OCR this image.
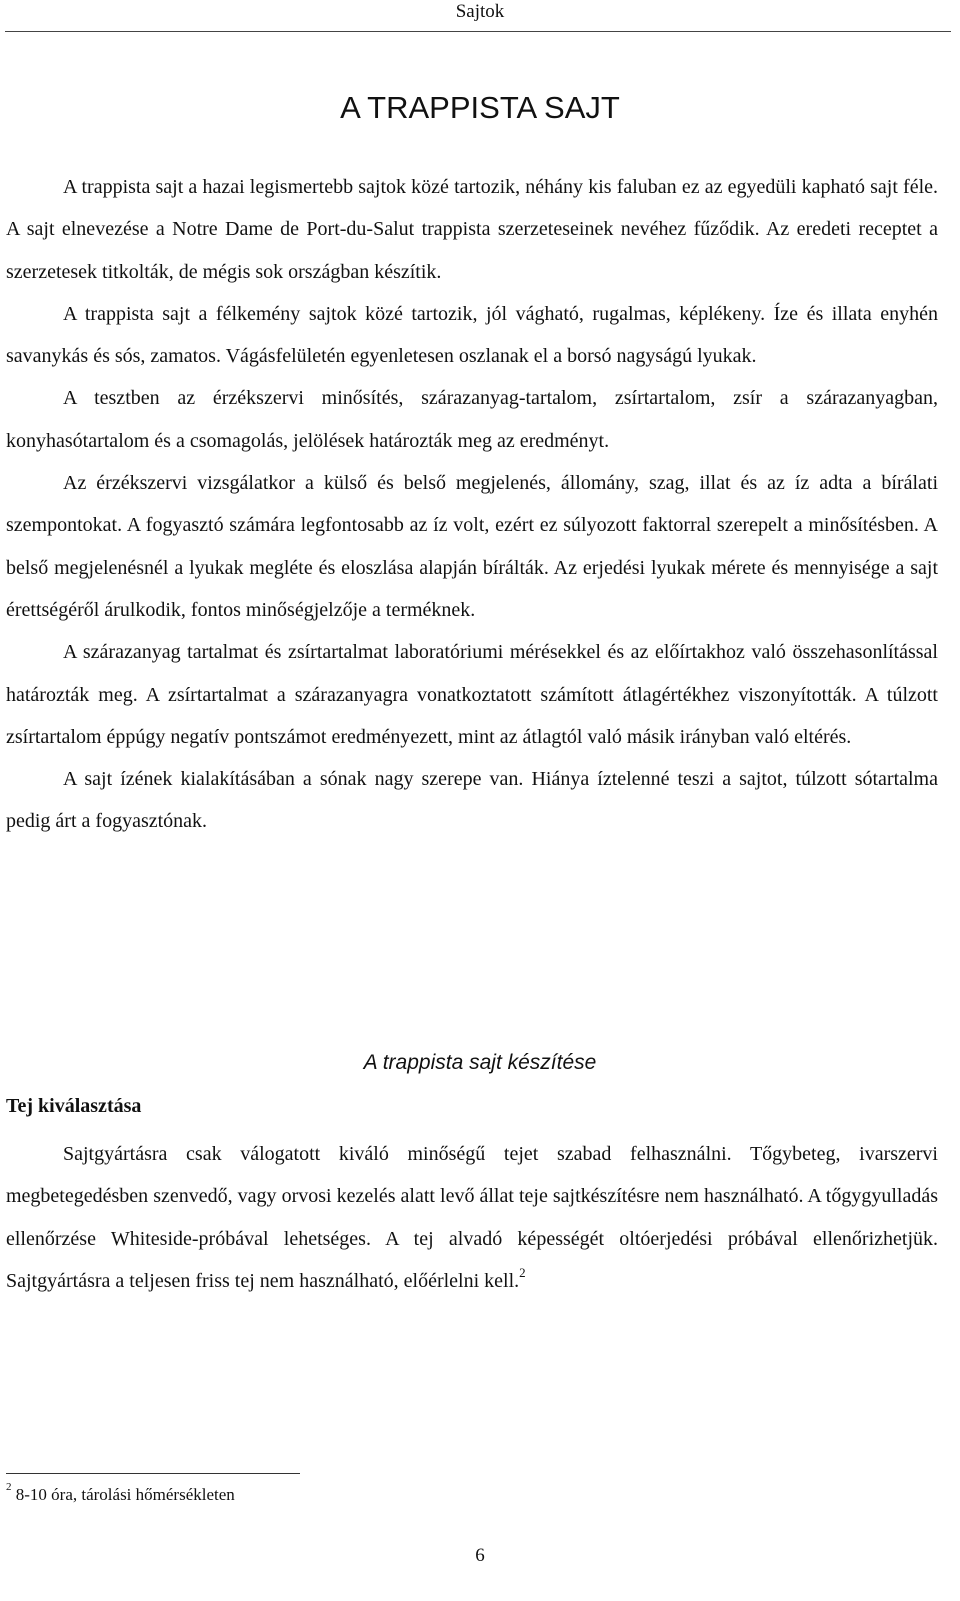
Sajtok
A TRAPPISTA SAJT

A trappista sajt a hazai legismertebb sajtok közé tartozik, néhány kis faluban ez az egyedüli kapható sajt féle. A sajt elnevezése a Notre Dame de Port-du-Salut trappista szerzeteseinek nevéhez fűződik. Az eredeti receptet a szerzetesek titkolták, de mégis sok országban készítik.

A trappista sajt a félkemény sajtok közé tartozik, jól vágható, rugalmas, képlékeny. Íze és illata enyhén savanykás és sós, zamatos. Vágásfelületén egyenletesen oszlanak el a borsó nagyságú lyukak.

A tesztben az érzékszervi minősítés, szárazanyag-tartalom, zsírtartalom, zsír a szárazanyagban, konyhasótartalom és a csomagolás, jelölések határozták meg az eredményt.

Az érzékszervi vizsgálatkor a külső és belső megjelenés, állomány, szag, illat és az íz adta a bírálati szempontokat. A fogyasztó számára legfontosabb az íz volt, ezért ez súlyozott faktorral szerepelt a minősítésben. A belső megjelenésnél a lyukak megléte és eloszlása alapján bírálták. Az erjedési lyukak mérete és mennyisége a sajt érettségéről árulkodik, fontos minőségjelzője a terméknek.

A szárazanyag tartalmat és zsírtartalmat laboratóriumi mérésekkel és az előírtakhoz való összehasonlítással határozták meg. A zsírtartalmat a szárazanyagra vonatkoztatott számított átlagértékhez viszonyították. A túlzott zsírtartalom éppúgy negatív pontszámot eredményezett, mint az átlagtól való másik irányban való eltérés.

A sajt ízének kialakításában a sónak nagy szerepe van. Hiánya íztelenné teszi a sajtot, túlzott sótartalma pedig árt a fogyasztónak.

A trappista sajt készítése
Tej kiválasztása

Sajtgyártásra csak válogatott kiváló minőségű tejet szabad felhasználni. Tőgybeteg, ivarszervi megbetegedésben szenvedő, vagy orvosi kezelés alatt levő állat teje sajtkészítésre nem használható. A tőgygyulladás ellenőrzése Whiteside-próbával lehetséges. A tej alvadó képességét oltóerjedési próbával ellenőrizhetjük. Sajtgyártásra a teljesen friss tej nem használható, előérlelni kell.$^2$

$^2$ 8-10 óra, tárolási hőmérsékleten
6
